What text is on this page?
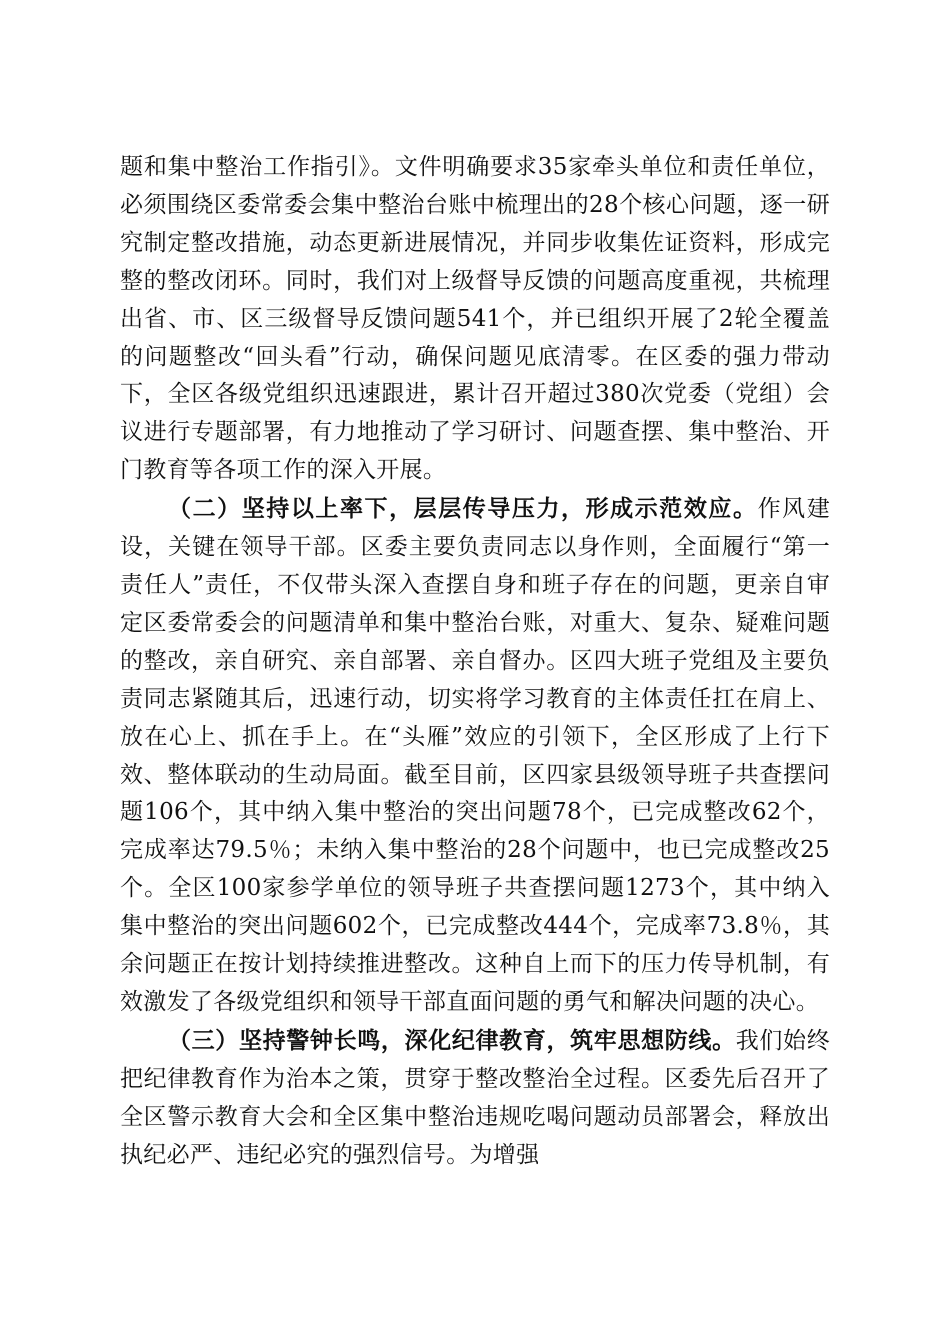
题和集中整治工作指引》。文件明确要求35家牵头单位和责任单位，必须围绕区委常委会集中整治台账中梳理出的28个核心问题，逐一研究制定整改措施，动态更新进展情况，并同步收集佐证资料，形成完整的整改闭环。同时，我们对上级督导反馈的问题高度重视，共梳理出省、市、区三级督导反馈问题541个，并已组织开展了2轮全覆盖的问题整改“回头看”行动，确保问题见底清零。在区委的强力带动下，全区各级党组织迅速跟进，累计召开超过380次党委（党组）会议进行专题部署，有力地推动了学习研讨、问题查摆、集中整治、开门教育等各项工作的深入开展。

（二）坚持以上率下，层层传导压力，形成示范效应。作风建设，关键在领导干部。区委主要负责同志以身作则，全面履行“第一责任人”责任，不仅带头深入查摆自身和班子存在的问题，更亲自审定区委常委会的问题清单和集中整治台账，对重大、复杂、疑难问题的整改，亲自研究、亲自部署、亲自督办。区四大班子党组及主要负责同志紧随其后，迅速行动，切实将学习教育的主体责任扛在肩上、放在心上、抓在手上。在“头雁”效应的引领下，全区形成了上行下效、整体联动的生动局面。截至目前，区四家县级领导班子共查摆问题106个，其中纳入集中整治的突出问题78个，已完成整改62个，完成率达79.5％；未纳入集中整治的28个问题中，也已完成整改25个。全区100家参学单位的领导班子共查摆问题1273个，其中纳入集中整治的突出问题602个，已完成整改444个，完成率73.8％，其余问题正在按计划持续推进整改。这种自上而下的压力传导机制，有效激发了各级党组织和领导干部直面问题的勇气和解决问题的决心。

（三）坚持警钟长鸣，深化纪律教育，筑牢思想防线。我们始终把纪律教育作为治本之策，贯穿于整改整治全过程。区委先后召开了全区警示教育大会和全区集中整治违规吃喝问题动员部署会，释放出执纪必严、违纪必究的强烈信号。为增强
